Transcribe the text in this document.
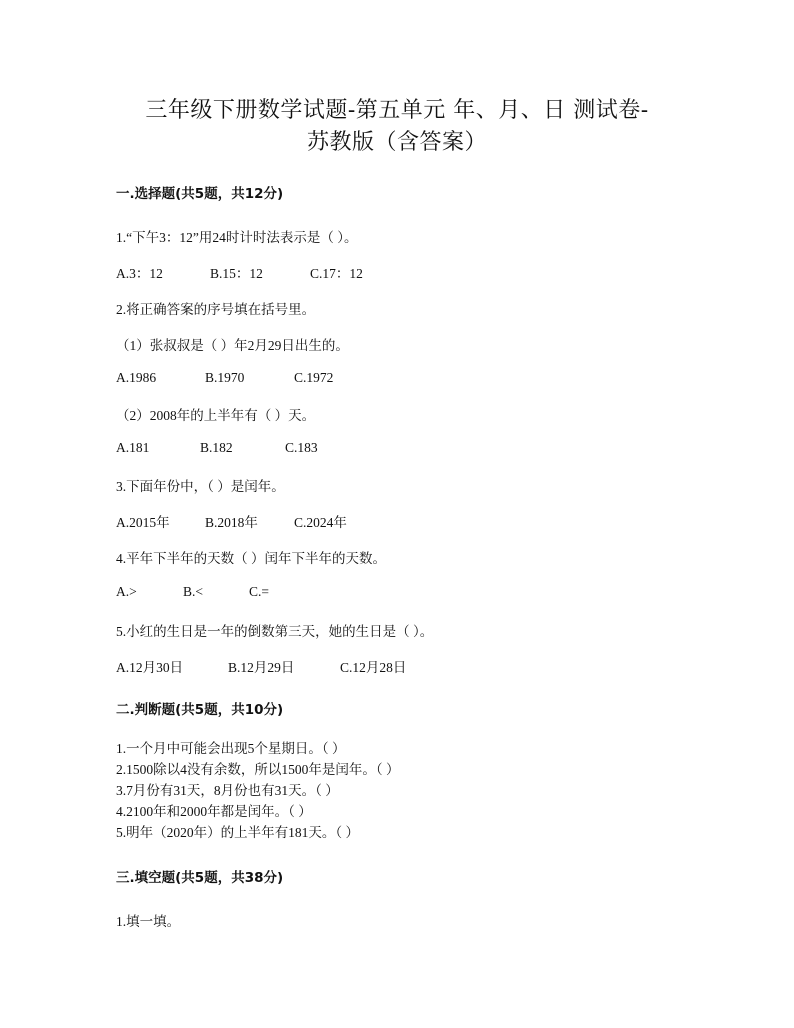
三年级下册数学试题-第五单元 年、月、日 测试卷-
苏教版（含答案）
一.选择题(共5题，共12分)
1.“下午3：12”用24时计时法表示是（ ）。
A.3：12	B.15：12	C.17：12
2.将正确答案的序号填在括号里。
（1）张叔叔是（ ）年2月29日出生的。
A.1986	B.1970	C.1972
（2）2008年的上半年有（ ）天。
A.181	B.182	C.183
3.下面年份中，（ ）是闰年。
A.2015年	B.2018年	C.2024年
4.平年下半年的天数（ ）闰年下半年的天数。
A.>	B.<	C.=
5.小红的生日是一年的倒数第三天，她的生日是（ ）。
A.12月30日	B.12月29日	C.12月28日
二.判断题(共5题，共10分)
1.一个月中可能会出现5个星期日。（ ）
2.1500除以4没有余数，所以1500年是闰年。（ ）
3.7月份有31天，8月份也有31天。（ ）
4.2100年和2000年都是闰年。（ ）
5.明年（2020年）的上半年有181天。（ ）
三.填空题(共5题，共38分)
1.填一填。
